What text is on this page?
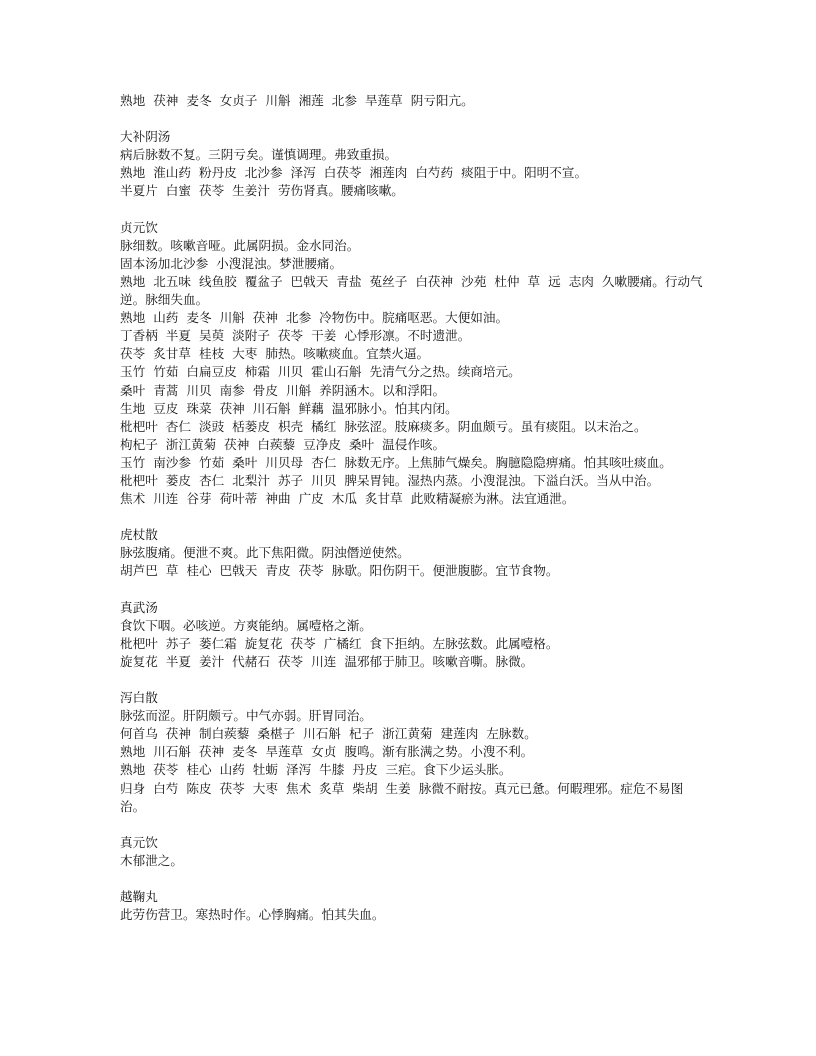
熟地  茯神  麦冬  女贞子  川斛  湘莲  北参  旱莲草  阴亏阳亢。

大补阴汤

病后脉数不复。三阴亏矣。谨慎调理。弗致重损。

熟地  淮山药  粉丹皮  北沙参  泽泻  白茯苓  湘莲肉  白芍药  痰阻于中。阳明不宣。

半夏片  白蜜  茯苓  生姜汁  劳伤肾真。腰痛咳嗽。

贞元饮

脉细数。咳嗽音哑。此属阴损。金水同治。

固本汤加北沙参  小溲混浊。梦泄腰痛。

熟地  北五味  线鱼胶  覆盆子  巴戟天  青盐  菟丝子  白茯神  沙苑  杜仲  草  远  志肉  久嗽腰痛。行动气逆。脉细失血。

熟地  山药  麦冬  川斛  茯神  北参  冷物伤中。脘痛呕恶。大便如油。

丁香柄  半夏  吴萸  淡附子  茯苓  干姜  心悸形凛。不时遗泄。

茯苓  炙甘草  桂枝  大枣  肺热。咳嗽痰血。宜禁火逼。

玉竹  竹茹  白扁豆皮  柿霜  川贝  霍山石斛  先清气分之热。续商培元。

桑叶  青蒿  川贝  南参  骨皮  川斛  养阴涵木。以和浮阳。

生地  豆皮  珠菜  茯神  川石斛  鲜藕  温邪脉小。怕其内闭。

枇杷叶  杏仁  淡豉  栝蒌皮  枳壳  橘红  脉弦涩。肢麻痰多。阴血颇亏。虽有痰阻。以末治之。

枸杞子  浙江黄菊  茯神  白蒺藜  豆净皮  桑叶  温侵作咳。

玉竹  南沙参  竹茹  桑叶  川贝母  杏仁  脉数无序。上焦肺气燥矣。胸臆隐隐痹痛。怕其咳吐痰血。

枇杷叶  蒌皮  杏仁  北梨汁  苏子  川贝  脾呆胃钝。湿热内蒸。小溲混浊。下溢白沃。当从中治。

焦术  川连  谷芽  荷叶蒂  神曲  广皮  木瓜  炙甘草  此败精凝瘀为淋。法宜通泄。

虎杖散

脉弦腹痛。便泄不爽。此下焦阳微。阴浊僭逆使然。

胡芦巴  草  桂心  巴戟天  青皮  茯苓  脉歇。阳伤阴干。便泄腹膨。宜节食物。

真武汤

食饮下咽。必咳逆。方爽能纳。属噎格之渐。

枇杷叶  苏子  蒌仁霜  旋复花  茯苓  广橘红  食下拒纳。左脉弦数。此属噎格。

旋复花  半夏  姜汁  代赭石  茯苓  川连  温邪郁于肺卫。咳嗽音嘶。脉微。

泻白散

脉弦而涩。肝阴颇亏。中气亦弱。肝胃同治。

何首乌  茯神  制白蒺藜  桑椹子  川石斛  杞子  浙江黄菊  建莲肉  左脉数。

熟地  川石斛  茯神  麦冬  旱莲草  女贞  腹鸣。渐有胀满之势。小溲不利。

熟地  茯苓  桂心  山药  牡蛎  泽泻  牛膝  丹皮  三疟。食下少运头胀。

归身  白芍  陈皮  茯苓  大枣  焦术  炙草  柴胡  生姜  脉微不耐按。真元已惫。何暇理邪。症危不易图治。

真元饮

木郁泄之。

越鞠丸

此劳伤营卫。寒热时作。心悸胸痛。怕其失血。
